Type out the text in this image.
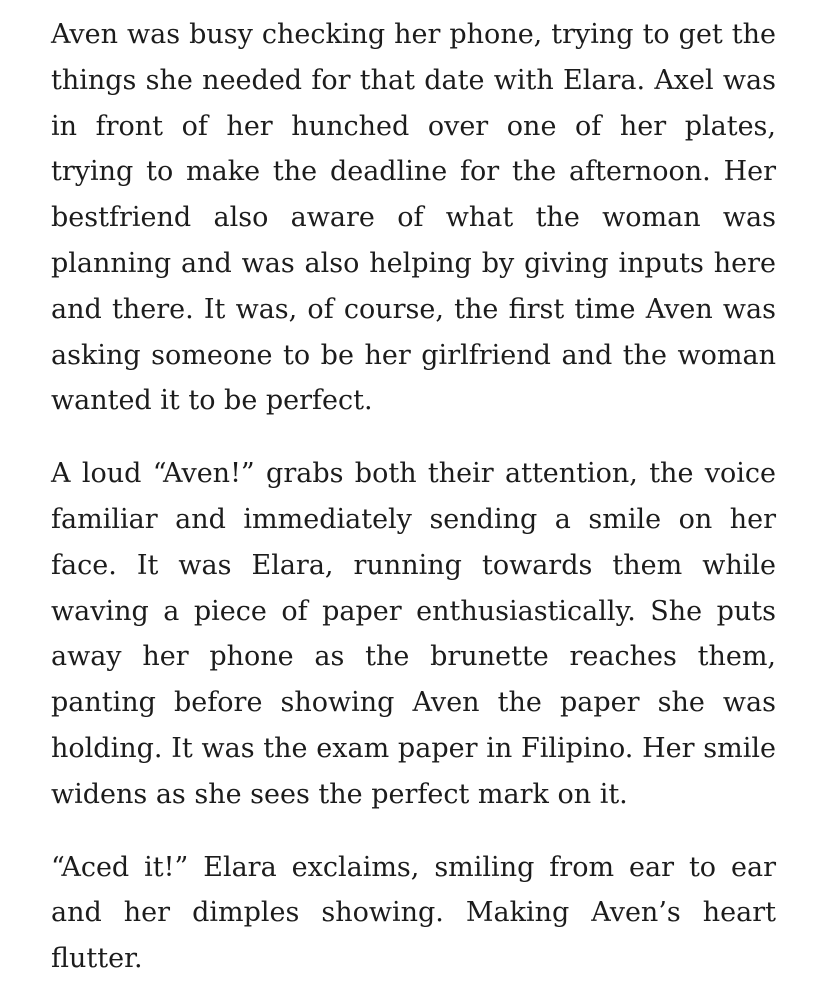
Aven was busy checking her phone, trying to get the things she needed for that date with Elara. Axel was in front of her hunched over one of her plates, trying to make the deadline for the afternoon. Her bestfriend also aware of what the woman was planning and was also helping by giving inputs here and there. It was, of course, the first time Aven was asking someone to be her girlfriend and the woman wanted it to be perfect.

A loud “Aven!” grabs both their attention, the voice familiar and immediately sending a smile on her face. It was Elara, running towards them while waving a piece of paper enthusiastically. She puts away her phone as the brunette reaches them, panting before showing Aven the paper she was holding. It was the exam paper in Filipino. Her smile widens as she sees the perfect mark on it.

“Aced it!” Elara exclaims, smiling from ear to ear and her dimples showing. Making Aven’s heart flutter.
